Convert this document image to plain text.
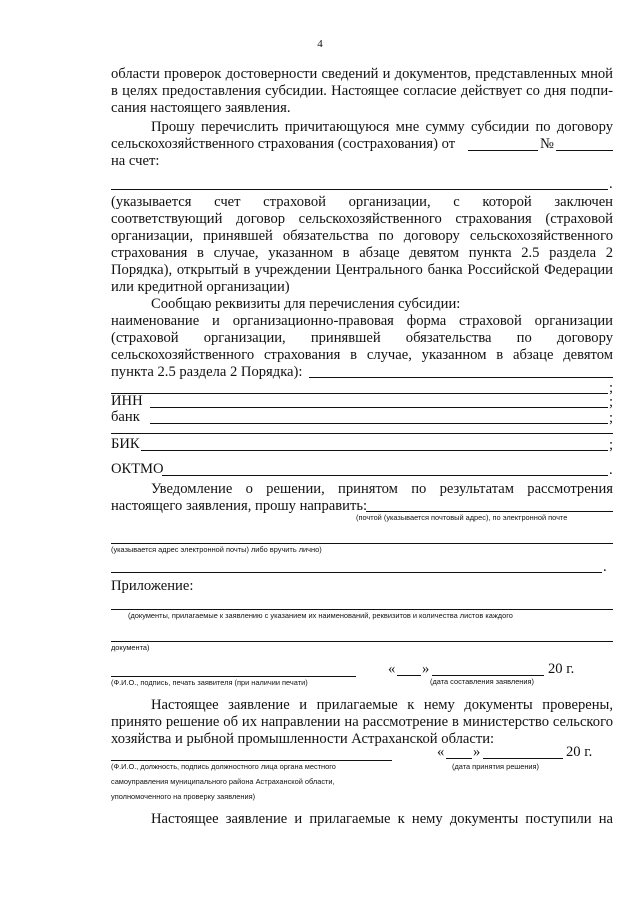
4
области проверок достоверности сведений и документов, представленных мной
в целях предоставления субсидии. Настоящее согласие действует со дня подпи-
сания настоящего заявления.
Прошу перечислить причитающуюся мне сумму субсидии по договору
сельскохозяйственного страхования (сострахования) от	№
на счет:
.
(указывается счет страховой организации, с которой заключен
соответствующий договор сельскохозяйственного страхования (страховой
организации, принявшей обязательства по договору сельскохозяйственного
страхования в случае, указанном в абзаце девятом пункта 2.5 раздела 2
Порядка), открытый в учреждении Центрального банка Российской Федерации
или кредитной организации)
Сообщаю реквизиты для перечисления субсидии:
наименование и организационно-правовая форма страховой организации
(страховой организации, принявшей обязательства по договору
сельскохозяйственного страхования в случае, указанном в абзаце девятом
пункта 2.5 раздела 2 Порядка):
;
ИНН	;
банк	;
БИК	;
ОКТМО	.
Уведомление о решении, принятом по результатам рассмотрения
настоящего заявления, прошу направить:
(почтой (указывается почтовый адрес), по электронной почте
(указывается адрес электронной почты) либо вручить лично)
.
Приложение:
(документы, прилагаемые к заявлению с указанием их наименований, реквизитов и количества листов каждого
документа)
(Ф.И.О., подпись, печать заявителя (при наличии печати)
« »	20 г.
(дата составления заявления)
Настоящее заявление и прилагаемые к нему документы проверены,
принято решение об их направлении на рассмотрение в министерство сельского
хозяйства и рыбной промышленности Астраханской области:
« »	20 г.
(Ф.И.О., должность, подпись должностного лица органа местного
самоуправления муниципального района Астраханской области,
уполномоченного на проверку заявления)
(дата принятия решения)
Настоящее заявление и прилагаемые к нему документы поступили на
